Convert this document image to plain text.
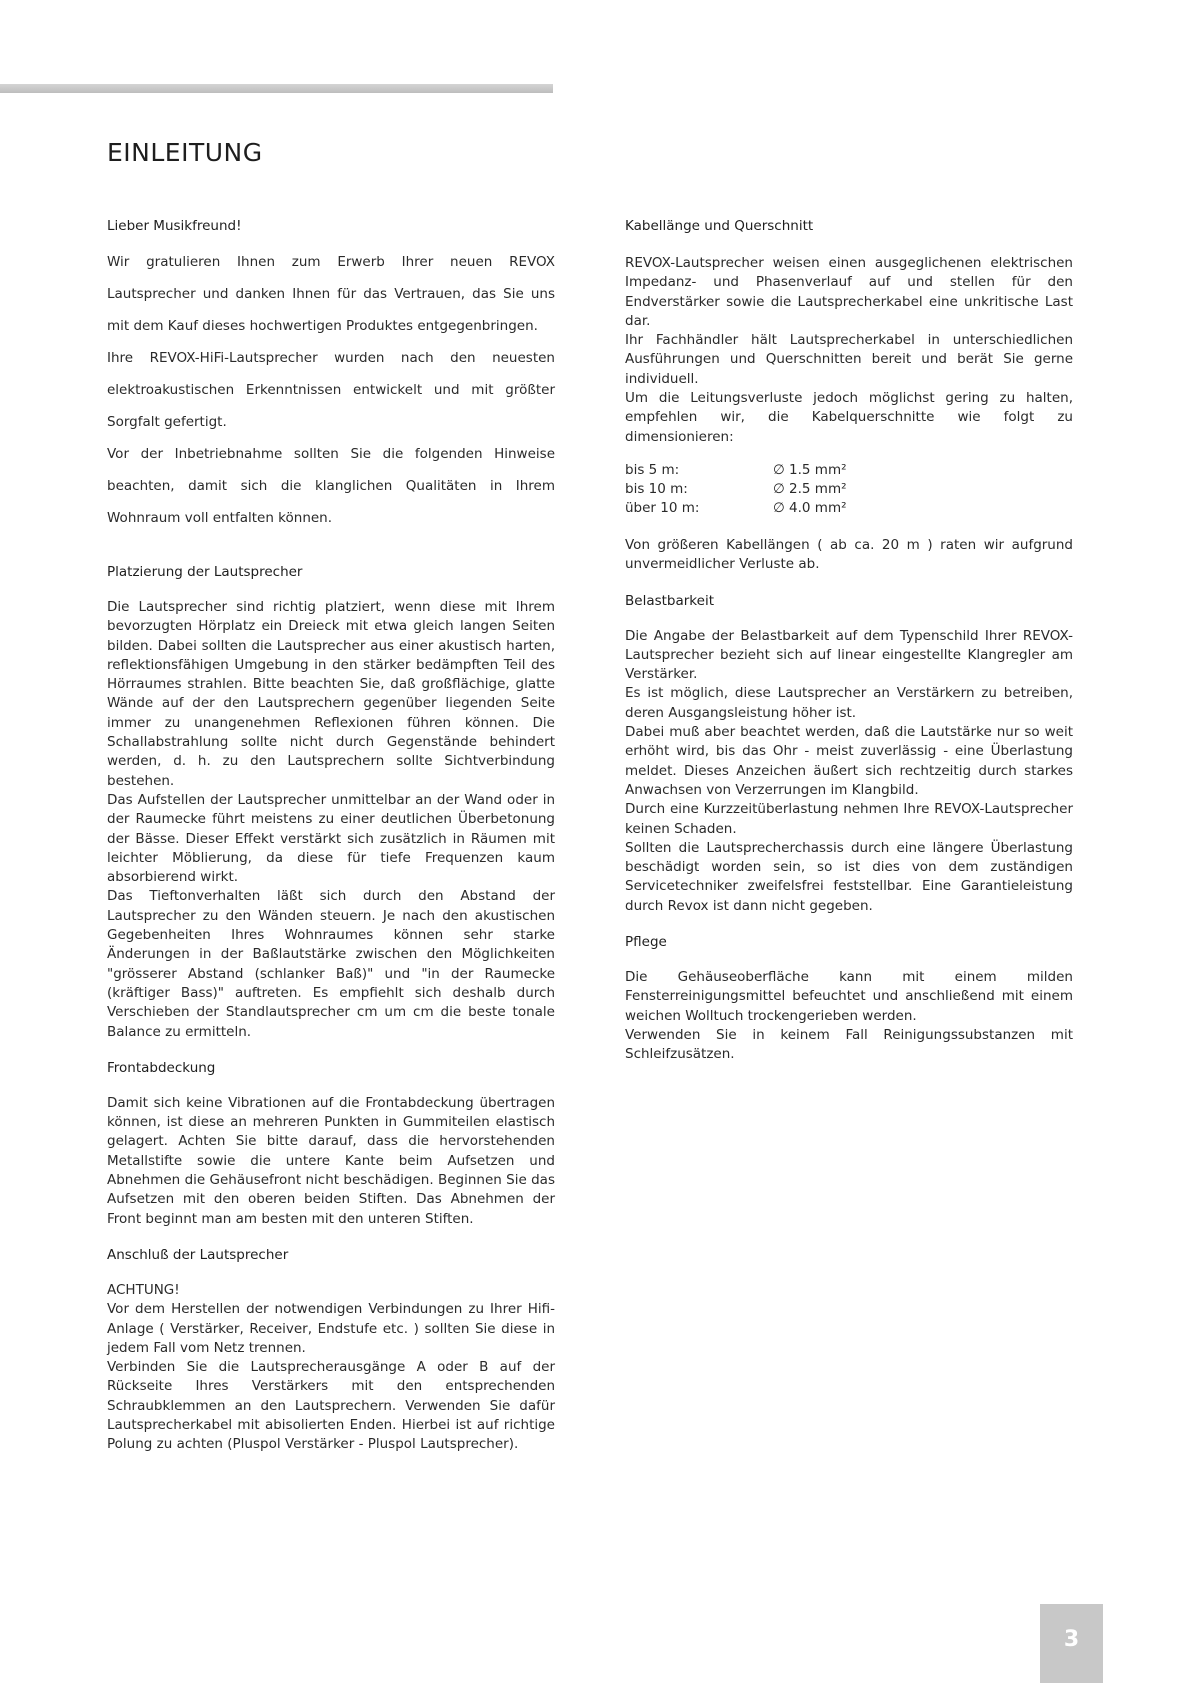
EINLEITUNG
Lieber Musikfreund!

Wir gratulieren Ihnen zum Erwerb Ihrer neuen REVOX Lautsprecher und danken Ihnen für das Vertrauen, das Sie uns mit dem Kauf dieses hochwertigen Produktes entgegenbringen.

Ihre REVOX-HiFi-Lautsprecher wurden nach den neuesten elektroakustischen Erkenntnissen entwickelt und mit größter Sorgfalt gefertigt.

Vor der Inbetriebnahme sollten Sie die folgenden Hinweise beachten, damit sich die klanglichen Qualitäten in Ihrem Wohnraum voll entfalten können.

Platzierung der Lautsprecher

Die Lautsprecher sind richtig platziert, wenn diese mit Ihrem bevorzugten Hörplatz ein Dreieck mit etwa gleich langen Seiten bilden. Dabei sollten die Lautsprecher aus einer akustisch harten, reflektionsfähigen Umgebung in den stärker bedämpften Teil des Hörraumes strahlen. Bitte beachten Sie, daß großflächige, glatte Wände auf der den Lautsprechern gegenüber liegenden Seite immer zu unangenehmen Reflexionen führen können. Die Schallabstrahlung sollte nicht durch Gegenstände behindert werden, d. h. zu den Lautsprechern sollte Sichtverbindung bestehen.

Das Aufstellen der Lautsprecher unmittelbar an der Wand oder in der Raumecke führt meistens zu einer deutlichen Überbetonung der Bässe. Dieser Effekt verstärkt sich zusätzlich in Räumen mit leichter Möblierung, da diese für tiefe Frequenzen kaum absorbierend wirkt.

Das Tieftonverhalten läßt sich durch den Abstand der Lautsprecher zu den Wänden steuern. Je nach den akustischen Gegebenheiten Ihres Wohnraumes können sehr starke Änderungen in der Baßlautstärke zwischen den Möglichkeiten "grösserer Abstand (schlanker Baß)" und "in der Raumecke (kräftiger Bass)" auftreten. Es empfiehlt sich deshalb durch Verschieben der Standlautsprecher cm um cm die beste tonale Balance zu ermitteln.

Frontabdeckung

Damit sich keine Vibrationen auf die Frontabdeckung übertragen können, ist diese an mehreren Punkten in Gummiteilen elastisch gelagert. Achten Sie bitte darauf, dass die hervorstehenden Metallstifte sowie die untere Kante beim Aufsetzen und Abnehmen die Gehäusefront nicht beschädigen. Beginnen Sie das Aufsetzen mit den oberen beiden Stiften. Das Abnehmen der Front beginnt man am besten mit den unteren Stiften.

Anschluß der Lautsprecher

ACHTUNG!

Vor dem Herstellen der notwendigen Verbindungen zu Ihrer Hifi-Anlage ( Verstärker, Receiver, Endstufe etc. ) sollten Sie diese in jedem Fall vom Netz trennen.

Verbinden Sie die Lautsprecherausgänge A oder B auf der Rückseite Ihres Verstärkers mit den entsprechenden Schraubklemmen an den Lautsprechern. Verwenden Sie dafür Lautsprecherkabel mit abisolierten Enden. Hierbei ist auf richtige Polung zu achten (Pluspol Verstärker - Pluspol Lautsprecher).

Kabellänge und Querschnitt

REVOX-Lautsprecher weisen einen ausgeglichenen elektrischen Impedanz- und Phasenverlauf auf und stellen für den Endverstärker sowie die Lautsprecherkabel eine unkritische Last dar.

Ihr Fachhändler hält Lautsprecherkabel in unterschiedlichen Ausführungen und Querschnitten bereit und berät Sie gerne individuell.

Um die Leitungsverluste jedoch möglichst gering zu halten, empfehlen wir, die Kabelquerschnitte wie folgt zu dimensionieren:

bis 5 m:	∅ 1.5 mm²
bis 10 m:	∅ 2.5 mm²
über 10 m:	∅ 4.0 mm²

Von größeren Kabellängen ( ab ca. 20 m ) raten wir aufgrund unvermeidlicher Verluste ab.

Belastbarkeit

Die Angabe der Belastbarkeit auf dem Typenschild Ihrer REVOX-Lautsprecher bezieht sich auf linear eingestellte Klangregler am Verstärker.

Es ist möglich, diese Lautsprecher an Verstärkern zu betreiben, deren Ausgangsleistung höher ist.

Dabei muß aber beachtet werden, daß die Lautstärke nur so weit erhöht wird, bis das Ohr - meist zuverlässig - eine Überlastung meldet. Dieses Anzeichen äußert sich rechtzeitig durch starkes Anwachsen von Verzerrungen im Klangbild.

Durch eine Kurzzeitüberlastung nehmen Ihre REVOX-Lautsprecher keinen Schaden.

Sollten die Lautsprecherchassis durch eine längere Überlastung beschädigt worden sein, so ist dies von dem zuständigen Servicetechniker zweifelsfrei feststellbar. Eine Garantieleistung durch Revox ist dann nicht gegeben.

Pflege

Die Gehäuseoberfläche kann mit einem milden Fensterreinigungsmittel befeuchtet und anschließend mit einem weichen Wolltuch trockengerieben werden.

Verwenden Sie in keinem Fall Reinigungssubstanzen mit Schleifzusätzen.

3
